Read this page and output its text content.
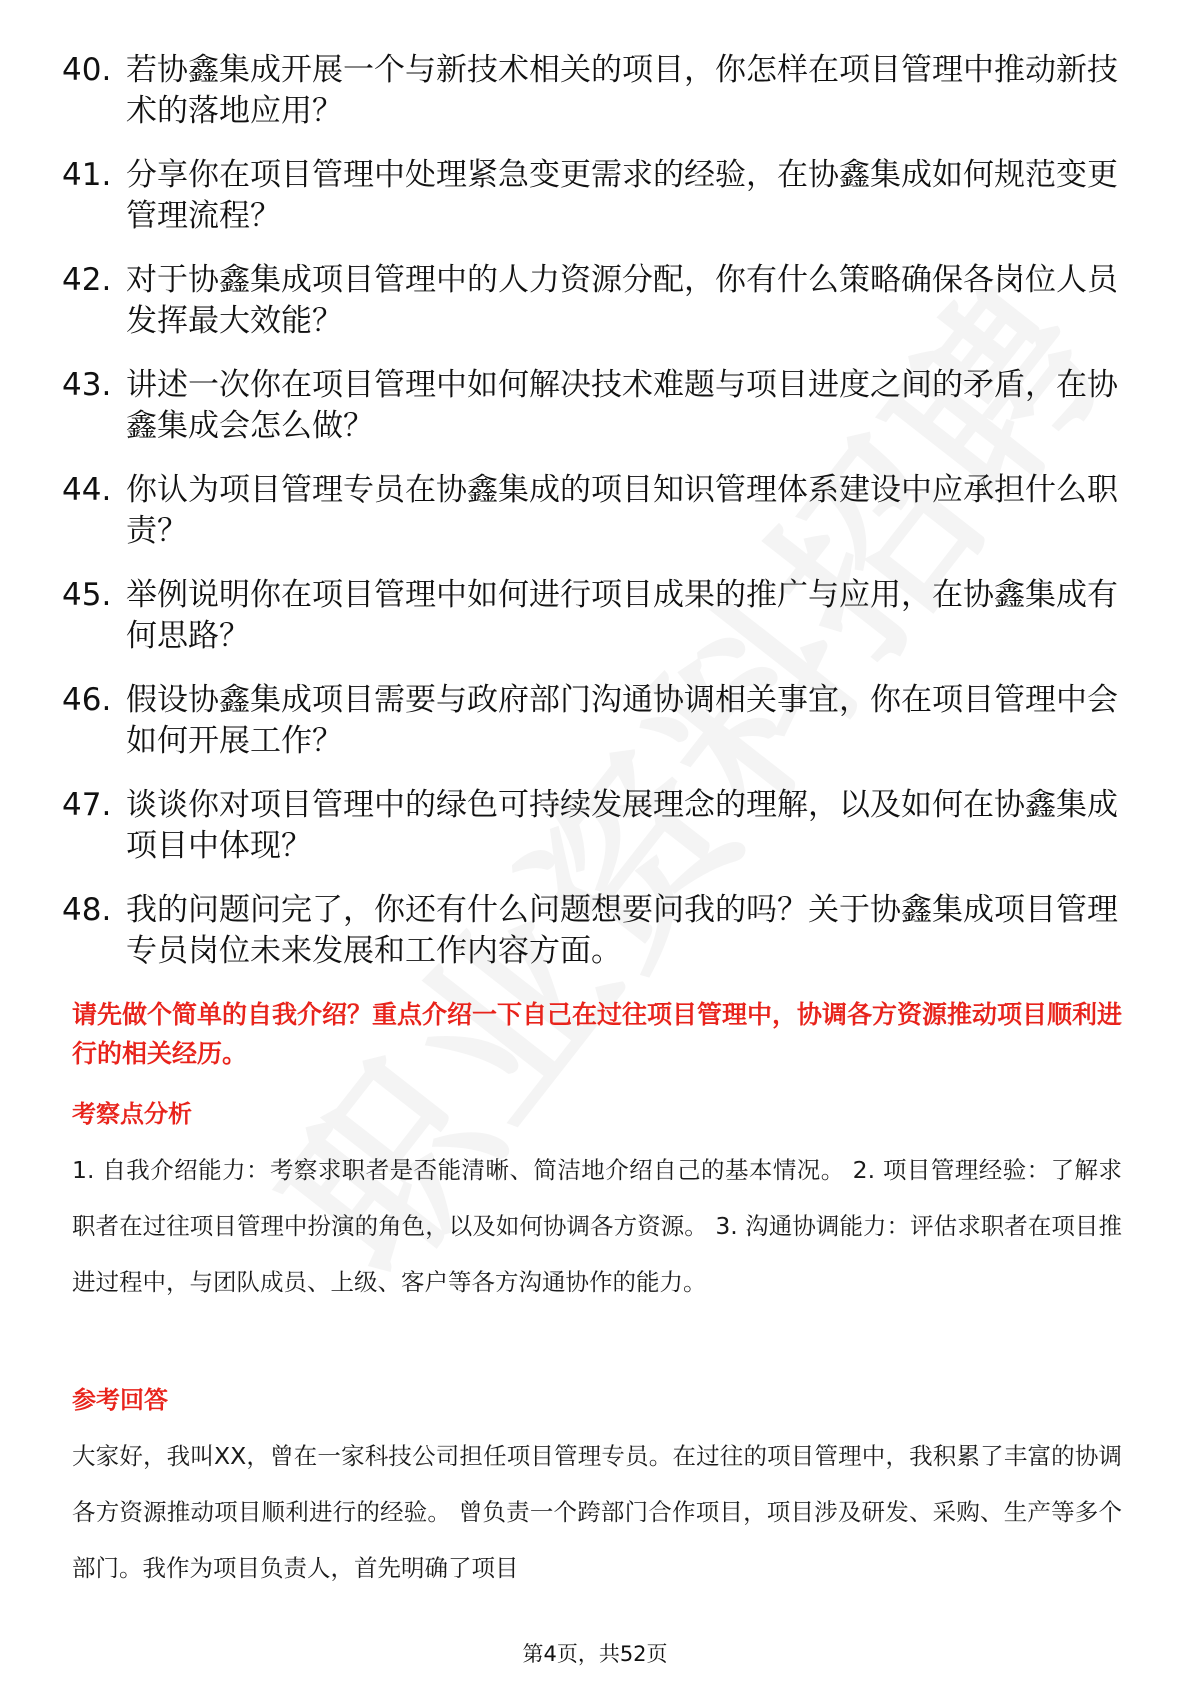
40. 若协鑫集成开展一个与新技术相关的项目，你怎样在项目管理中推动新技术的落地应用？
41. 分享你在项目管理中处理紧急变更需求的经验，在协鑫集成如何规范变更管理流程？
42. 对于协鑫集成项目管理中的人力资源分配，你有什么策略确保各岗位人员发挥最大效能？
43. 讲述一次你在项目管理中如何解决技术难题与项目进度之间的矛盾，在协鑫集成会怎么做？
44. 你认为项目管理专员在协鑫集成的项目知识管理体系建设中应承担什么职责？
45. 举例说明你在项目管理中如何进行项目成果的推广与应用，在协鑫集成有何思路？
46. 假设协鑫集成项目需要与政府部门沟通协调相关事宜，你在项目管理中会如何开展工作？
47. 谈谈你对项目管理中的绿色可持续发展理念的理解，以及如何在协鑫集成项目中体现？
48. 我的问题问完了，你还有什么问题想要问我的吗？关于协鑫集成项目管理专员岗位未来发展和工作内容方面。

请先做个简单的自我介绍？重点介绍一下自己在过往项目管理中，协调各方资源推动项目顺利进行的相关经历。

考察点分析

1. 自我介绍能力：考察求职者是否能清晰、简洁地介绍自己的基本情况。 2. 项目管理经验：了解求职者在过往项目管理中扮演的角色，以及如何协调各方资源。 3. 沟通协调能力：评估求职者在项目推进过程中，与团队成员、上级、客户等各方沟通协作的能力。

参考回答

大家好，我叫XX，曾在一家科技公司担任项目管理专员。在过往的项目管理中，我积累了丰富的协调各方资源推动项目顺利进行的经验。 曾负责一个跨部门合作项目，项目涉及研发、采购、生产等多个部门。我作为项目负责人，首先明确了项目

第4页，共52页
